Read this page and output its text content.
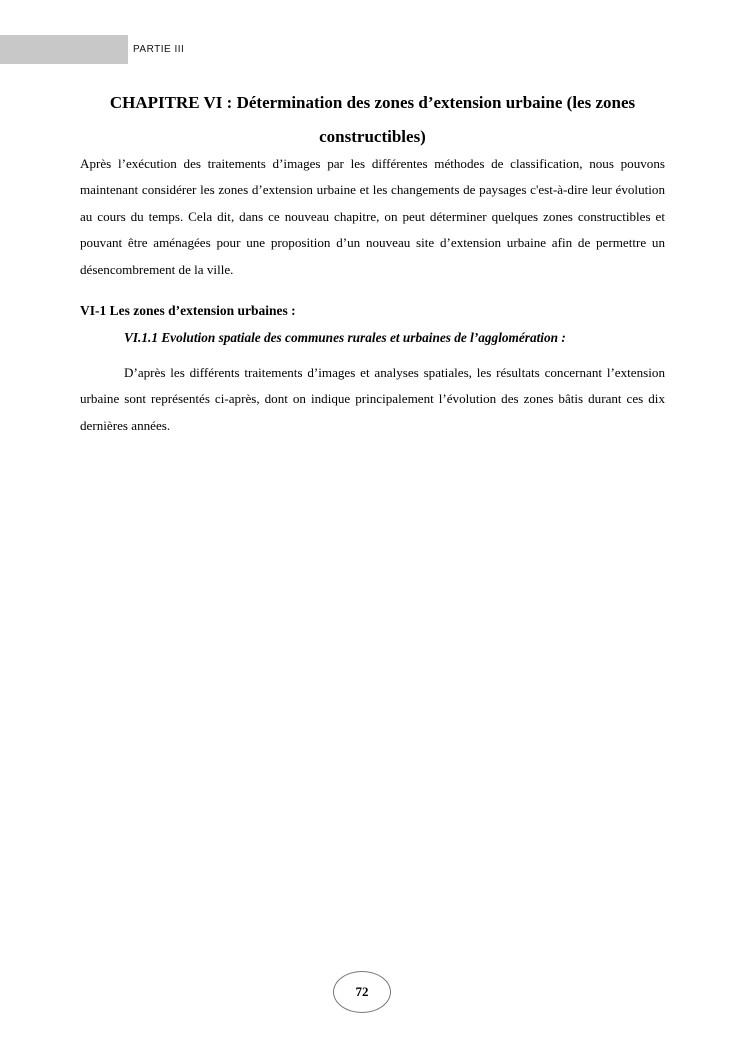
PARTIE III
CHAPITRE VI : Détermination des zones d’extension urbaine (les zones constructibles)

Après l’exécution des traitements d’images par les différentes méthodes de classification, nous pouvons maintenant considérer les zones d’extension urbaine et les changements de paysages c'est-à-dire leur évolution au cours du temps. Cela dit, dans ce nouveau chapitre, on peut déterminer quelques zones constructibles et pouvant être aménagées pour une proposition d’un nouveau site d’extension urbaine afin de permettre un désencombrement de la ville.

VI-1 Les zones d’extension urbaines :
VI.1.1 Evolution spatiale des communes rurales et urbaines de l’agglomération :

D’après les différents traitements d’images et analyses spatiales, les résultats concernant l’extension urbaine sont représentés ci-après, dont on indique principalement l’évolution des zones bâtis durant ces dix dernières années.

72
